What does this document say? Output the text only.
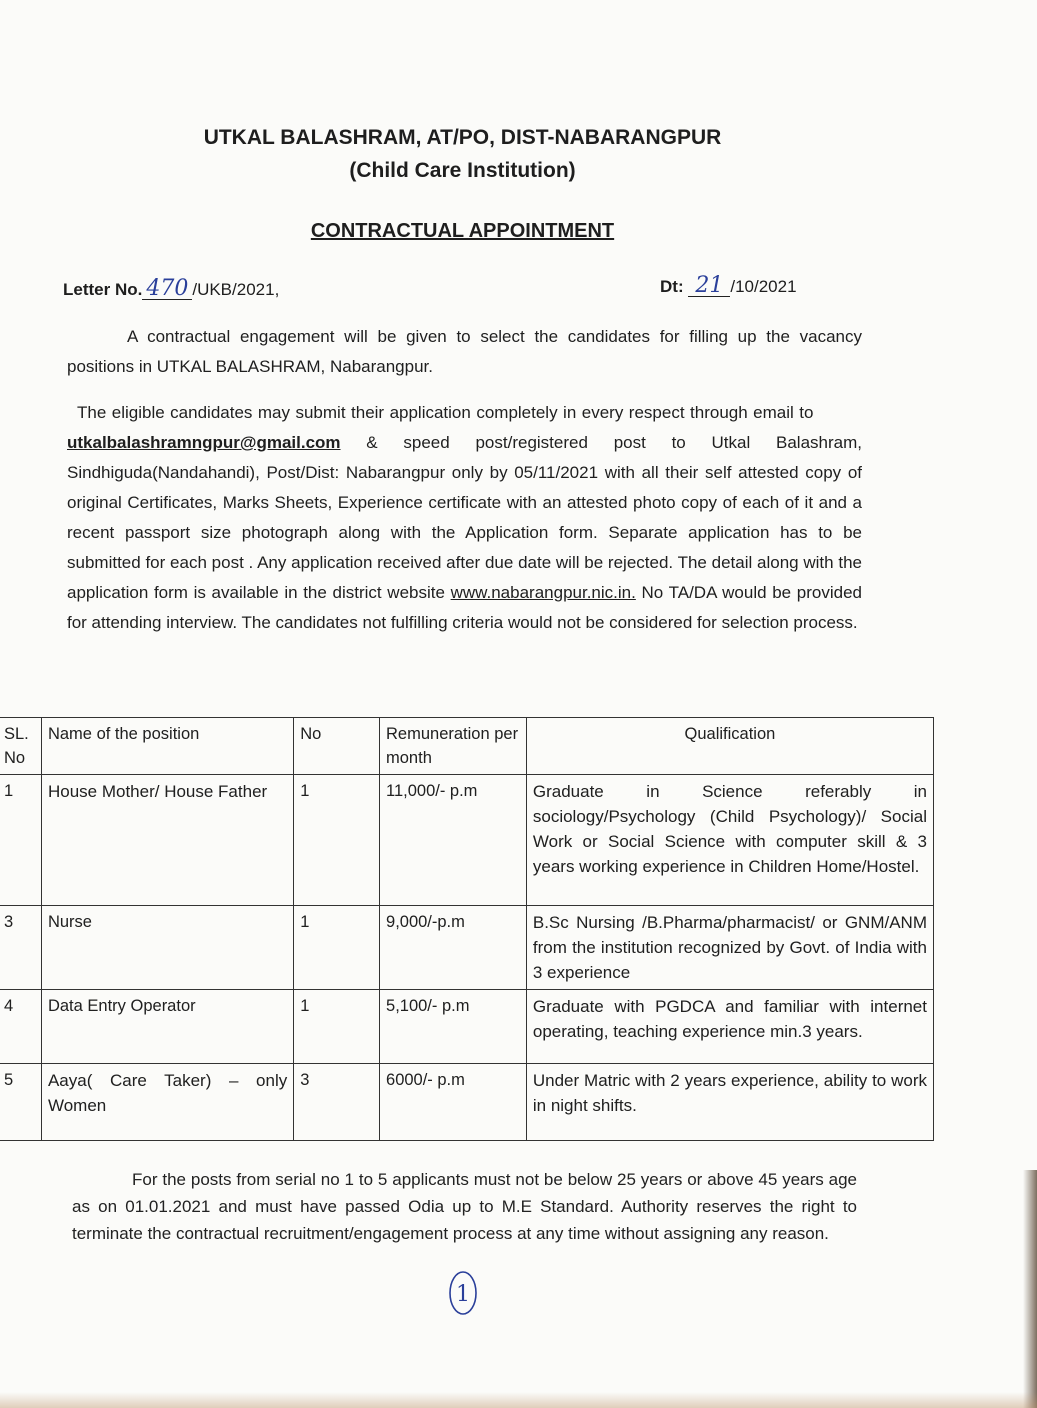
UTKAL BALASHRAM, AT/PO, DIST-NABARANGPUR
(Child Care Institution)
CONTRACTUAL APPOINTMENT
Letter No. 470 /UKB/2021,	Dt: 21 /10/2021
A contractual engagement will be given to select the candidates for filling up the vacancy positions in UTKAL BALASHRAM, Nabarangpur.
The eligible candidates may submit their application completely in every respect through email to          utkalbalashramngpur@gmail.com & speed post/registered post to Utkal Balashram, Sindhiguda(Nandahandi), Post/Dist: Nabarangpur only by 05/11/2021 with all their self attested copy of original Certificates, Marks Sheets, Experience certificate with an attested photo copy of each of it and a recent passport size photograph along with the Application form. Separate application has to be submitted for each post . Any application received after due date will be rejected. The detail along with the application form is available in the district website www.nabarangpur.nic.in. No TA/DA would be provided for attending interview. The candidates not fulfilling criteria would not be considered for selection process.
SL. No	Name of the position	No	Remuneration per month	Qualification
1	House Mother/ House Father	1	11,000/- p.m	Graduate in Science referably in sociology/Psychology (Child Psychology)/ Social Work or Social Science with computer skill & 3 years working experience in Children Home/Hostel.
3	Nurse	1	9,000/-p.m	B.Sc Nursing /B.Pharma/pharmacist/ or GNM/ANM from the institution recognized by Govt. of India with 3 experience
4	Data Entry Operator	1	5,100/- p.m	Graduate with PGDCA and familiar with internet operating, teaching experience min.3 years.
5	Aaya( Care Taker) – only Women	3	6000/- p.m	Under Matric with 2 years experience, ability to work in night shifts.

For the posts from serial no 1 to 5 applicants must not be below 25 years or above 45 years age as on 01.01.2021 and must have passed Odia up to M.E Standard. Authority reserves the right to terminate the contractual recruitment/engagement process at any time without assigning any reason.

1
